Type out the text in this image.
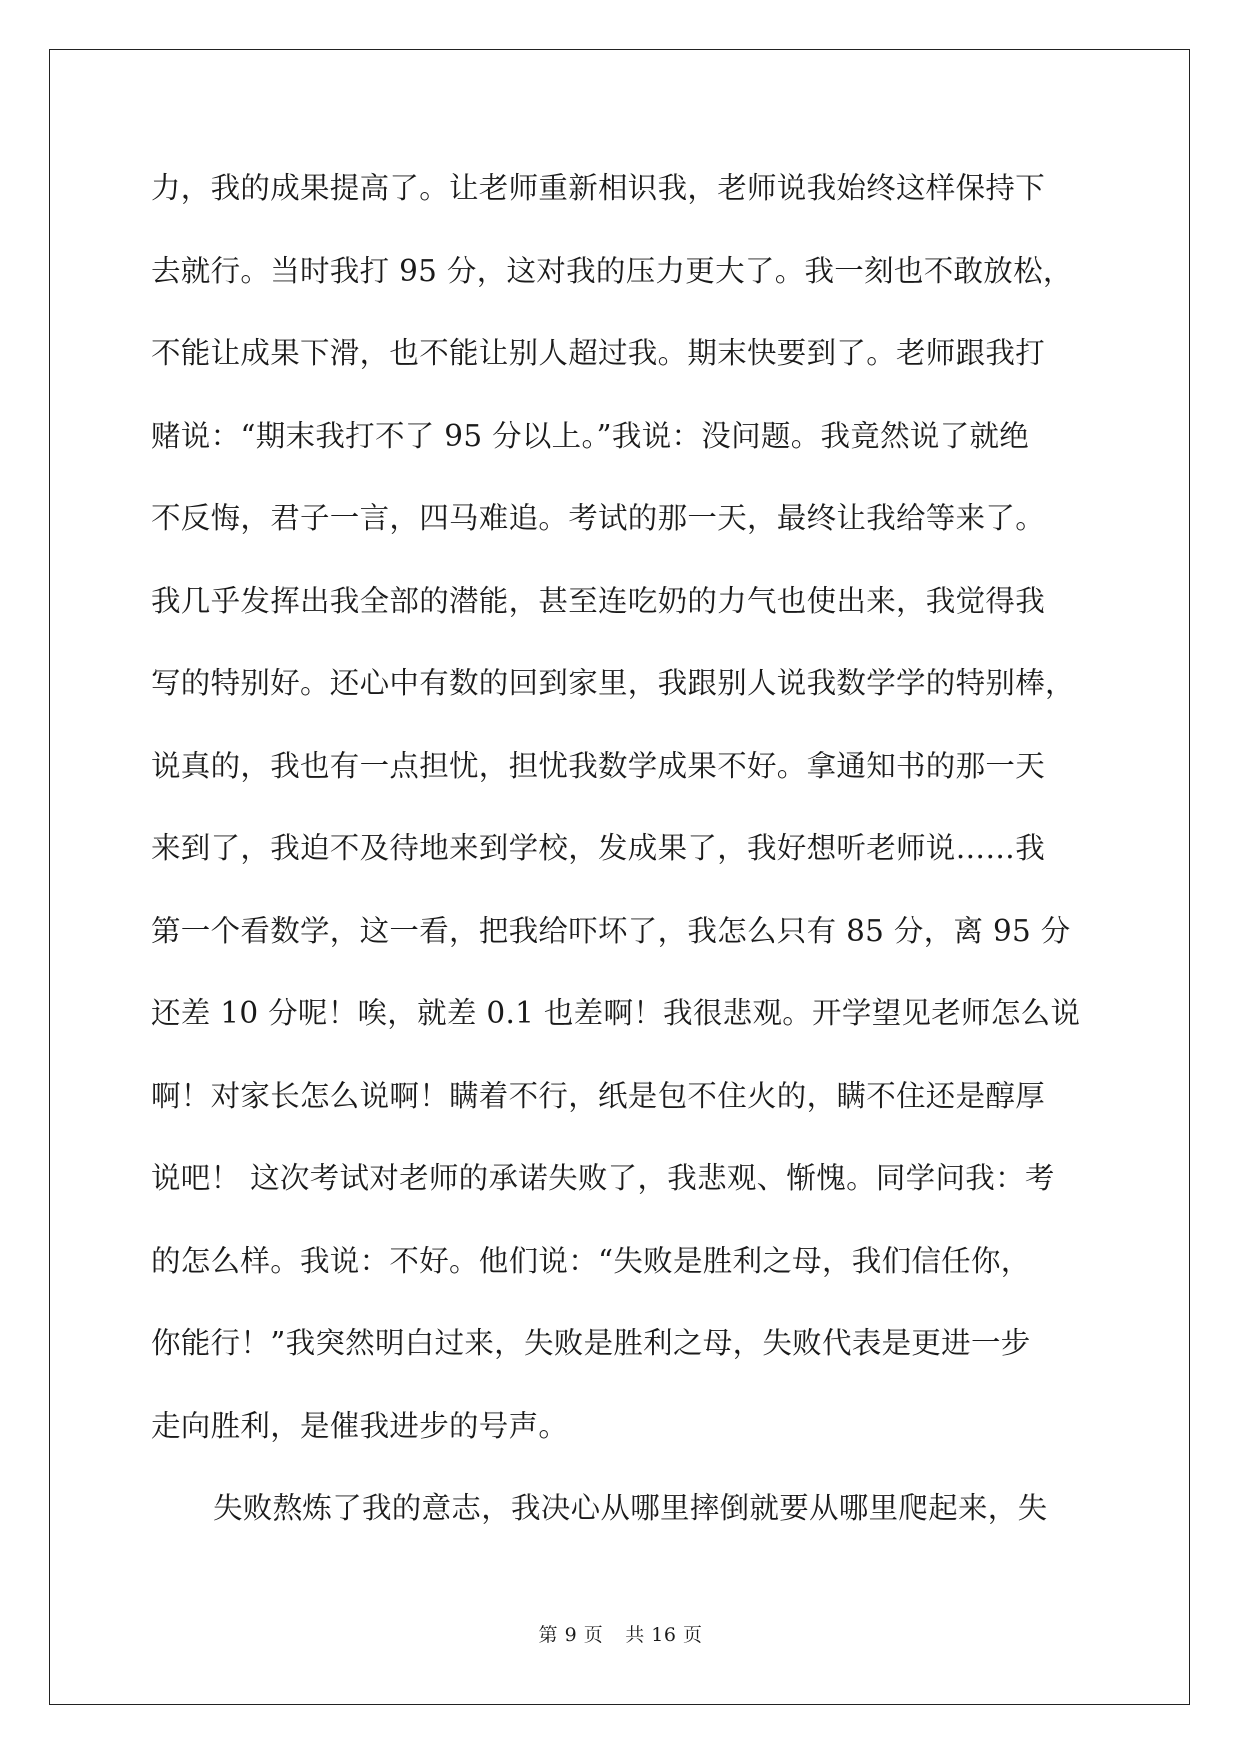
力，我的成果提高了。让老师重新相识我，老师说我始终这样保持下
去就行。当时我打 95 分，这对我的压力更大了。我一刻也不敢放松，
不能让成果下滑，也不能让别人超过我。期末快要到了。老师跟我打
赌说：“期末我打不了 95 分以上。”我说：没问题。我竟然说了就绝
不反悔，君子一言，四马难追。考试的那一天，最终让我给等来了。
我几乎发挥出我全部的潜能，甚至连吃奶的力气也使出来，我觉得我
写的特别好。还心中有数的回到家里，我跟别人说我数学学的特别棒，
说真的，我也有一点担忧，担忧我数学成果不好。拿通知书的那一天
来到了，我迫不及待地来到学校，发成果了，我好想听老师说……我
第一个看数学，这一看，把我给吓坏了，我怎么只有 85 分，离 95 分
还差 10 分呢！唉，就差 0.1 也差啊！我很悲观。开学望见老师怎么说
啊！对家长怎么说啊！瞒着不行，纸是包不住火的，瞒不住还是醇厚
说吧！ 这次考试对老师的承诺失败了，我悲观、惭愧。同学问我：考
的怎么样。我说：不好。他们说：“失败是胜利之母，我们信任你，
你能行！”我突然明白过来，失败是胜利之母，失败代表是更进一步
走向胜利，是催我进步的号声。
失败熬炼了我的意志，我决心从哪里摔倒就要从哪里爬起来，失
第 9 页 共 16 页
